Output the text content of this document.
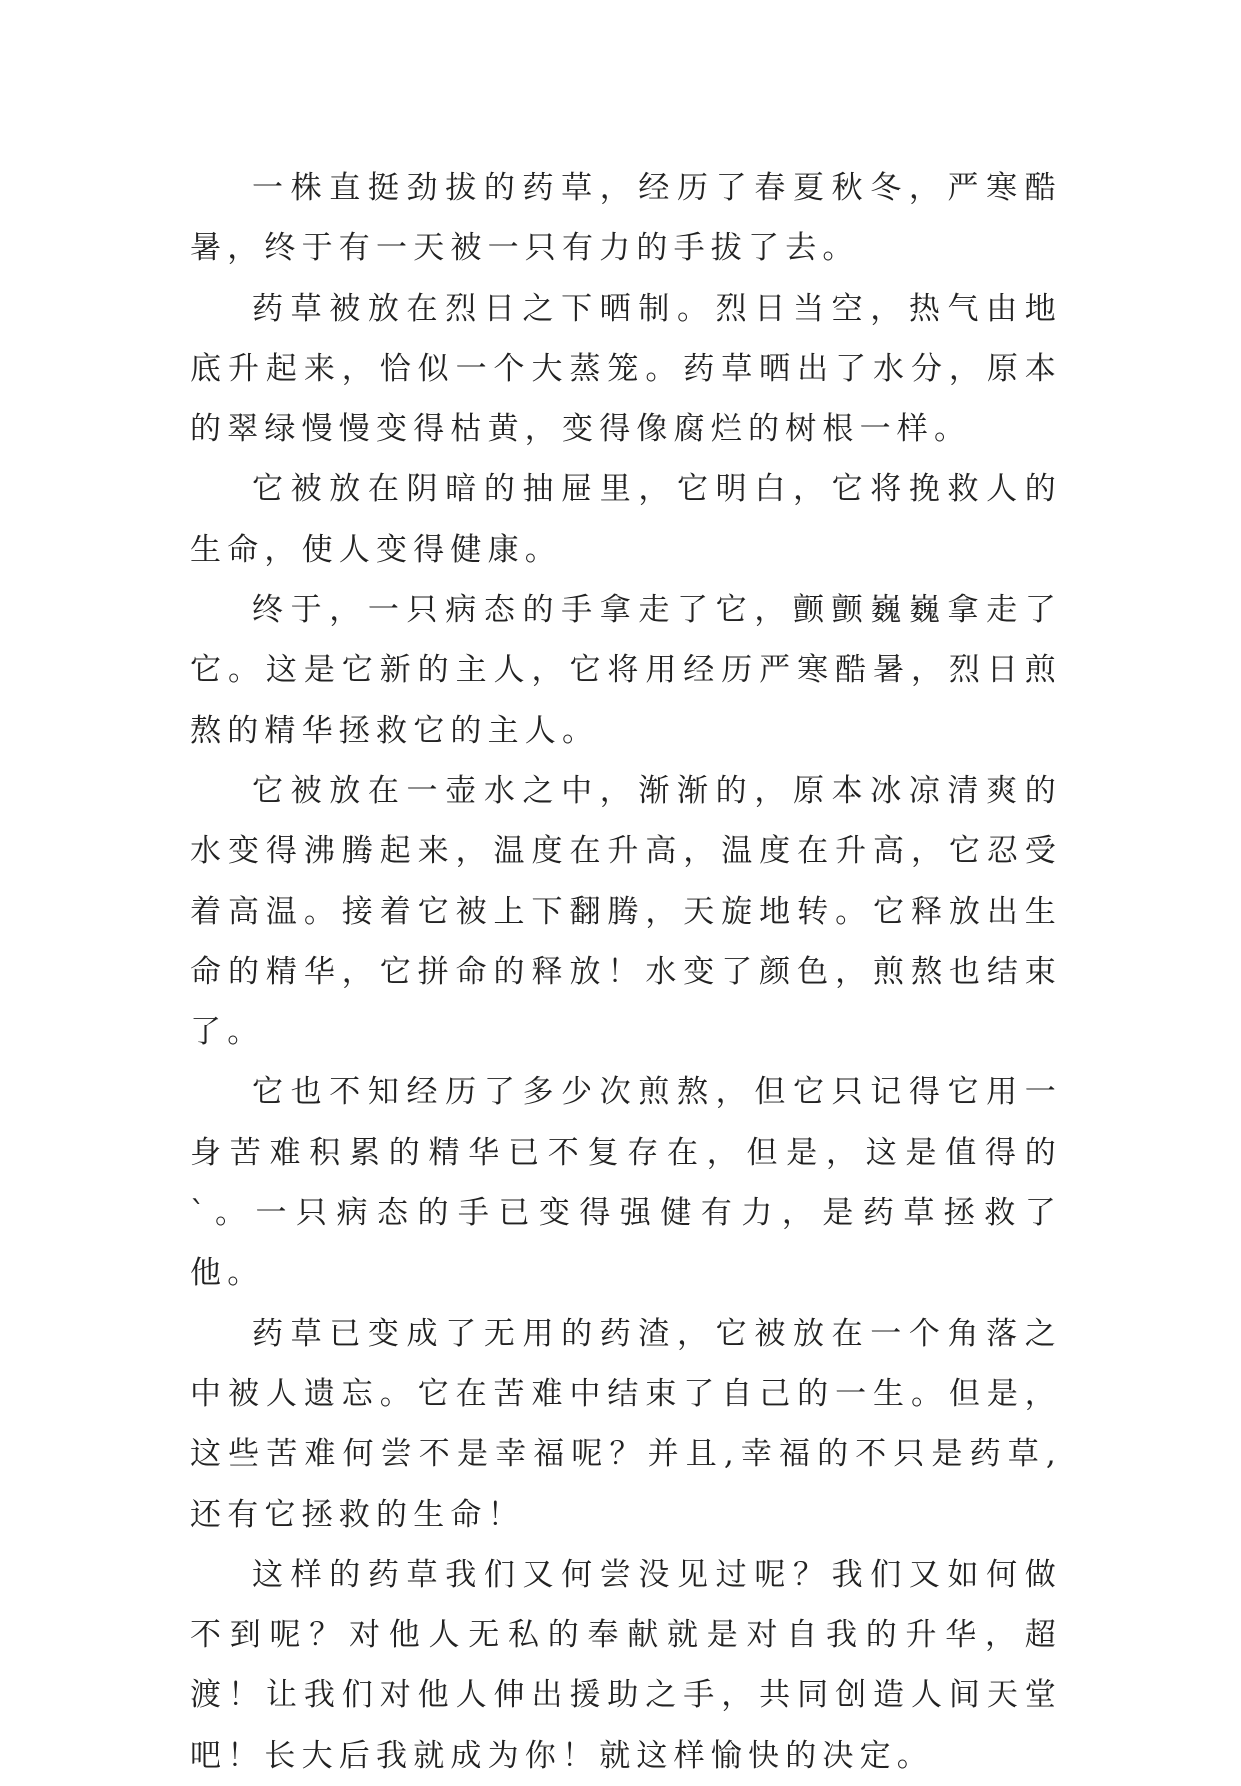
一株直挺劲拔的药草，经历了春夏秋冬，严寒酷暑，终于有一天被一只有力的手拔了去。

药草被放在烈日之下晒制。烈日当空，热气由地底升起来，恰似一个大蒸笼。药草晒出了水分，原本的翠绿慢慢变得枯黄，变得像腐烂的树根一样。

它被放在阴暗的抽屉里，它明白，它将挽救人的生命，使人变得健康。

终于，一只病态的手拿走了它，颤颤巍巍拿走了它。这是它新的主人，它将用经历严寒酷暑，烈日煎熬的精华拯救它的主人。

它被放在一壶水之中，渐渐的，原本冰凉清爽的水变得沸腾起来，温度在升高，温度在升高，它忍受着高温。接着它被上下翻腾，天旋地转。它释放出生命的精华，它拼命的释放！水变了颜色，煎熬也结束了。

它也不知经历了多少次煎熬，但它只记得它用一身苦难积累的精华已不复存在，但是，这是值得的`。一只病态的手已变得强健有力，是药草拯救了他。

药草已变成了无用的药渣，它被放在一个角落之中被人遗忘。它在苦难中结束了自己的一生。但是，这些苦难何尝不是幸福呢？并且,幸福的不只是药草,还有它拯救的生命！

这样的药草我们又何尝没见过呢？我们又如何做不到呢？对他人无私的奉献就是对自我的升华，超渡！让我们对他人伸出援助之手，共同创造人间天堂吧！长大后我就成为你！就这样愉快的决定。
